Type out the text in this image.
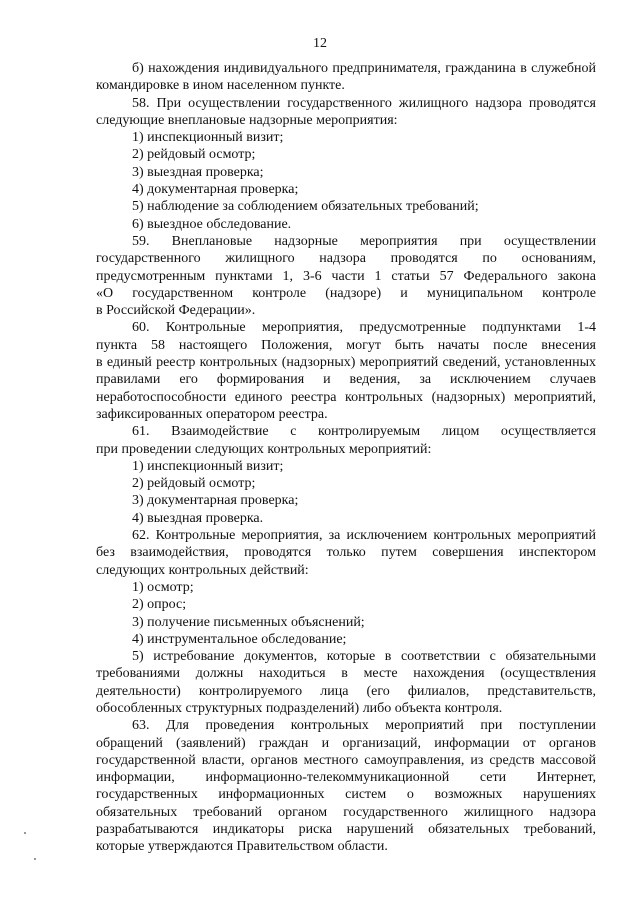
12

б) нахождения индивидуального предпринимателя, гражданина в служебной

командировке в ином населенном пункте.

58. При осуществлении государственного жилищного надзора проводятся

следующие внеплановые надзорные мероприятия:

1) инспекционный визит;

2) рейдовый осмотр;

3) выездная проверка;

4) документарная проверка;

5) наблюдение за соблюдением обязательных требований;

6) выездное обследование.

59. Внеплановые надзорные мероприятия при осуществлении

государственного жилищного надзора проводятся по основаниям,

предусмотренным пунктами 1, 3-6 части 1 статьи 57 Федерального закона

«О государственном контроле (надзоре) и муниципальном контроле

в Российской Федерации».

60. Контрольные мероприятия, предусмотренные подпунктами 1-4

пункта 58 настоящего Положения, могут быть начаты после внесения

в единый реестр контрольных (надзорных) мероприятий сведений, установленных

правилами его формирования и ведения, за исключением случаев

неработоспособности единого реестра контрольных (надзорных) мероприятий,

зафиксированных оператором реестра.

61. Взаимодействие с контролируемым лицом осуществляется

при проведении следующих контрольных мероприятий:

1) инспекционный визит;

2) рейдовый осмотр;

3) документарная проверка;

4) выездная проверка.

62. Контрольные мероприятия, за исключением контрольных мероприятий

без взаимодействия, проводятся только путем совершения инспектором

следующих контрольных действий:

1) осмотр;

2) опрос;

3) получение письменных объяснений;

4) инструментальное обследование;

5) истребование документов, которые в соответствии с обязательными

требованиями должны находиться в месте нахождения (осуществления

деятельности) контролируемого лица (его филиалов, представительств,

обособленных структурных подразделений) либо объекта контроля.

63. Для проведения контрольных мероприятий при поступлении

обращений (заявлений) граждан и организаций, информации от органов

государственной власти, органов местного самоуправления, из средств массовой

информации, информационно-телекоммуникационной сети Интернет,

государственных информационных систем о возможных нарушениях

обязательных требований органом государственного жилищного надзора

разрабатываются индикаторы риска нарушений обязательных требований,

которые утверждаются Правительством области.
